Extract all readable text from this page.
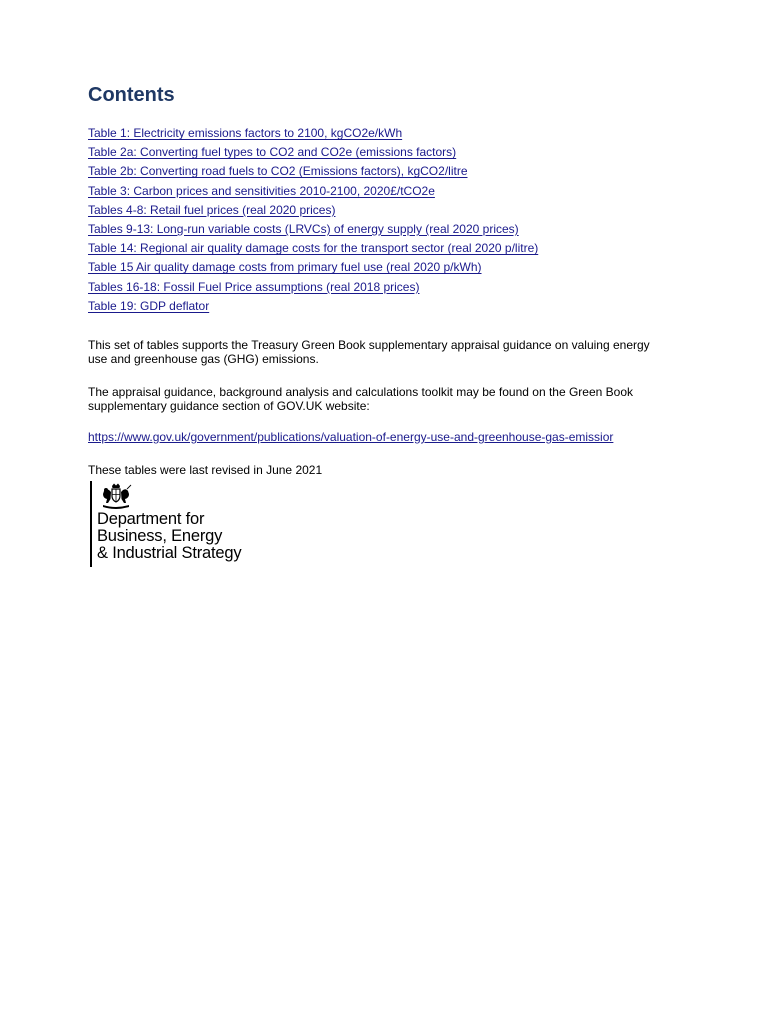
Contents
Table 1: Electricity emissions factors to 2100, kgCO2e/kWh
Table 2a: Converting fuel types to CO2 and CO2e (emissions factors)
Table 2b: Converting road fuels to CO2 (Emissions factors), kgCO2/litre
Table 3: Carbon prices and sensitivities 2010-2100, 2020£/tCO2e
Tables 4-8: Retail fuel prices (real 2020 prices)
Tables 9-13: Long-run variable costs (LRVCs) of energy supply (real 2020 prices)
Table 14: Regional air quality damage costs for the transport sector (real 2020 p/litre)
Table 15 Air quality damage costs from primary fuel use (real 2020 p/kWh)
Tables 16-18: Fossil Fuel Price assumptions (real 2018 prices)
Table 19: GDP deflator

This set of tables supports the Treasury Green Book supplementary appraisal guidance on valuing energy use and greenhouse gas (GHG) emissions.

The appraisal guidance, background analysis and calculations toolkit may be found on the Green Book supplementary guidance section of GOV.UK website:

https://www.gov.uk/government/publications/valuation-of-energy-use-and-greenhouse-gas-emissior

These tables were last revised in June 2021

Department for
Business, Energy
& Industrial Strategy
